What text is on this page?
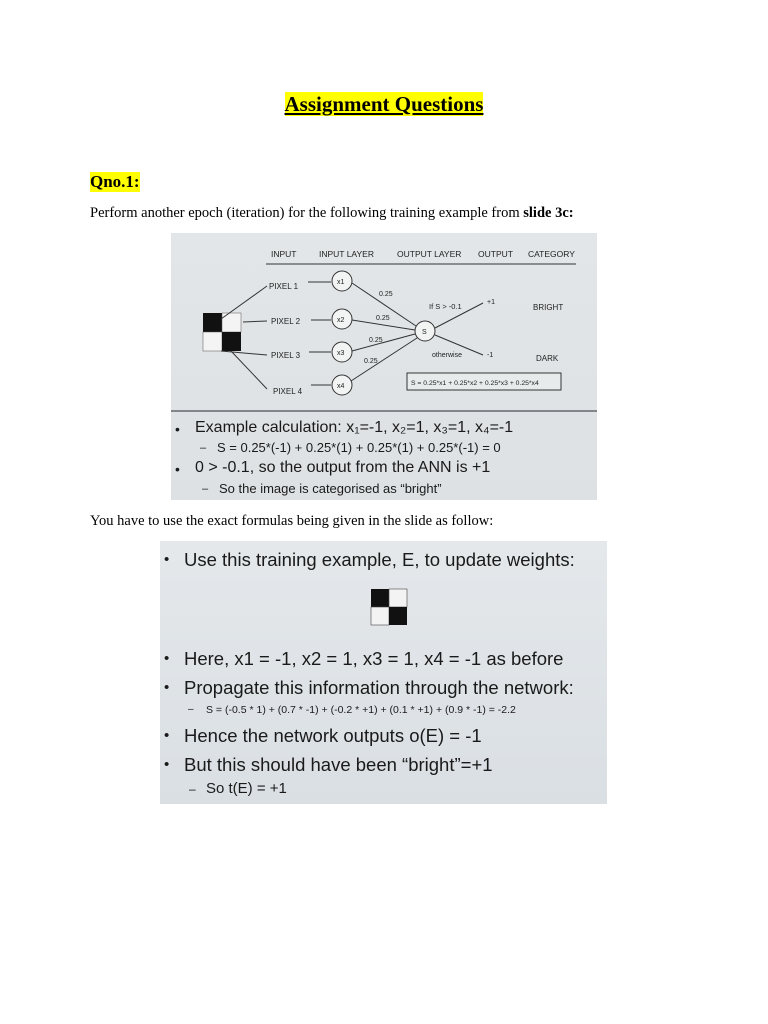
Assignment Questions
Qno.1:
Perform another epoch (iteration) for the following training example from slide 3c:
INPUT	INPUT LAYER	OUTPUT LAYER OUTPUT CATEGORY
PIXEL 1
PIXEL 2
PIXEL 3
PIXEL 4
x1
x2
x3
x4
S
0.25
0.25
0.25
0.25
If S > -0.1
otherwise
+1
-1
BRIGHT
DARK
S = 0.25*x1 + 0.25*x2 + 0.25*x3 + 0.25*x4
• Example calculation: x₁=-1, x₂=1, x₃=1, x₄=-1
– S = 0.25*(-1) + 0.25*(1) + 0.25*(1) + 0.25*(-1) = 0
• 0 > -0.1, so the output from the ANN is +1
– So the image is categorised as “bright”
You have to use the exact formulas being given in the slide as follow:
• Use this training example, E, to update weights:
• Here, x1 = -1, x2 = 1, x3 = 1, x4 = -1 as before
• Propagate this information through the network:
– S = (-0.5 * 1) + (0.7 * -1) + (-0.2 * +1) + (0.1 * +1) + (0.9 * -1) = -2.2
• Hence the network outputs o(E) = -1
• But this should have been “bright”=+1
– So t(E) = +1
